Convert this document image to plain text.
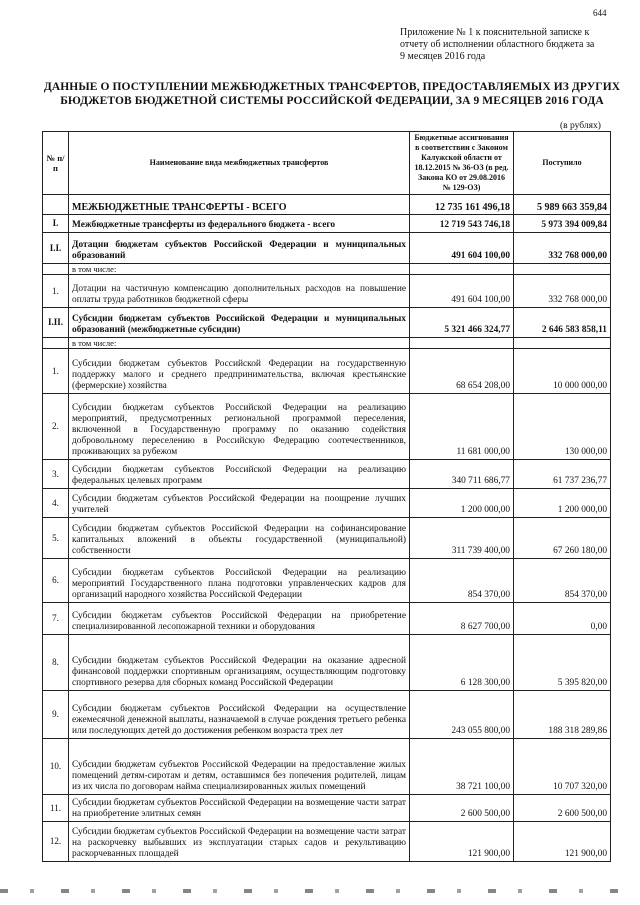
644
Приложение № 1 к пояснительной записке к
отчету об исполнении областного бюджета за
9 месяцев 2016 года
ДАННЫЕ О ПОСТУПЛЕНИИ МЕЖБЮДЖЕТНЫХ ТРАНСФЕРТОВ, ПРЕДОСТАВЛЯЕМЫХ ИЗ ДРУГИХ
БЮДЖЕТОВ БЮДЖЕТНОЙ СИСТЕМЫ РОССИЙСКОЙ ФЕДЕРАЦИИ, ЗА 9 МЕСЯЦЕВ 2016 ГОДА
(в рублях)
№ п/п	Наименование вида межбюджетных трансфертов	Бюджетные ассигнования в соответствии с Законом Калужской области от 18.12.2015 № 36-ОЗ (в ред. Закона КО от 29.08.2016 № 129-ОЗ)	Поступило
	МЕЖБЮДЖЕТНЫЕ ТРАНСФЕРТЫ - ВСЕГО	12 735 161 496,18	5 989 663 359,84
I.	Межбюджетные трансферты из федерального бюджета - всего	12 719 543 746,18	5 973 394 009,84
I.I.	Дотации бюджетам субъектов Российской Федерации и муниципальных образований	491 604 100,00	332 768 000,00
	в том числе:		
1.	Дотации на частичную компенсацию дополнительных расходов на повышение оплаты труда работников бюджетной сферы	491 604 100,00	332 768 000,00
I.II.	Субсидии бюджетам субъектов Российской Федерации и муниципальных образований (межбюджетные субсидии)	5 321 466 324,77	2 646 583 858,11
	в том числе:		
1.	Субсидии бюджетам субъектов Российской Федерации на государственную поддержку малого и среднего предпринимательства, включая крестьянские (фермерские) хозяйства	68 654 208,00	10 000 000,00
2.	Субсидии бюджетам субъектов Российской Федерации на реализацию мероприятий, предусмотренных региональной программой переселения, включенной в Государственную программу по оказанию содействия добровольному переселению в Российскую Федерацию соотечественников, проживающих за рубежом	11 681 000,00	130 000,00
3.	Субсидии бюджетам субъектов Российской Федерации на реализацию федеральных целевых программ	340 711 686,77	61 737 236,77
4.	Субсидии бюджетам субъектов Российской Федерации на поощрение лучших учителей	1 200 000,00	1 200 000,00
5.	Субсидии бюджетам субъектов Российской Федерации на софинансирование капитальных вложений в объекты государственной (муниципальной) собственности	311 739 400,00	67 260 180,00
6.	Субсидии бюджетам субъектов Российской Федерации на реализацию мероприятий Государственного плана подготовки управленческих кадров для организаций народного хозяйства Российской Федерации	854 370,00	854 370,00
7.	Субсидии бюджетам субъектов Российской Федерации на приобретение специализированной лесопожарной техники и оборудования	8 627 700,00	0,00
8.	Субсидии бюджетам субъектов Российской Федерации на оказание адресной финансовой поддержки спортивным организациям, осуществляющим подготовку спортивного резерва для сборных команд Российской Федерации	6 128 300,00	5 395 820,00
9.	Субсидии бюджетам субъектов Российской Федерации на осуществление ежемесячной денежной выплаты, назначаемой в случае рождения третьего ребенка или последующих детей до достижения ребенком возраста трех лет	243 055 800,00	188 318 289,86
10.	Субсидии бюджетам субъектов Российской Федерации на предоставление жилых помещений детям-сиротам и детям, оставшимся без попечения родителей, лицам из их числа по договорам найма специализированных жилых помещений	38 721 100,00	10 707 320,00
11.	Субсидии бюджетам субъектов Российской Федерации на возмещение части затрат на приобретение элитных семян	2 600 500,00	2 600 500,00
12.	Субсидии бюджетам субъектов Российской Федерации на возмещение части затрат на раскорчевку выбывших из эксплуатации старых садов и рекультивацию раскорчеванных площадей	121 900,00	121 900,00
